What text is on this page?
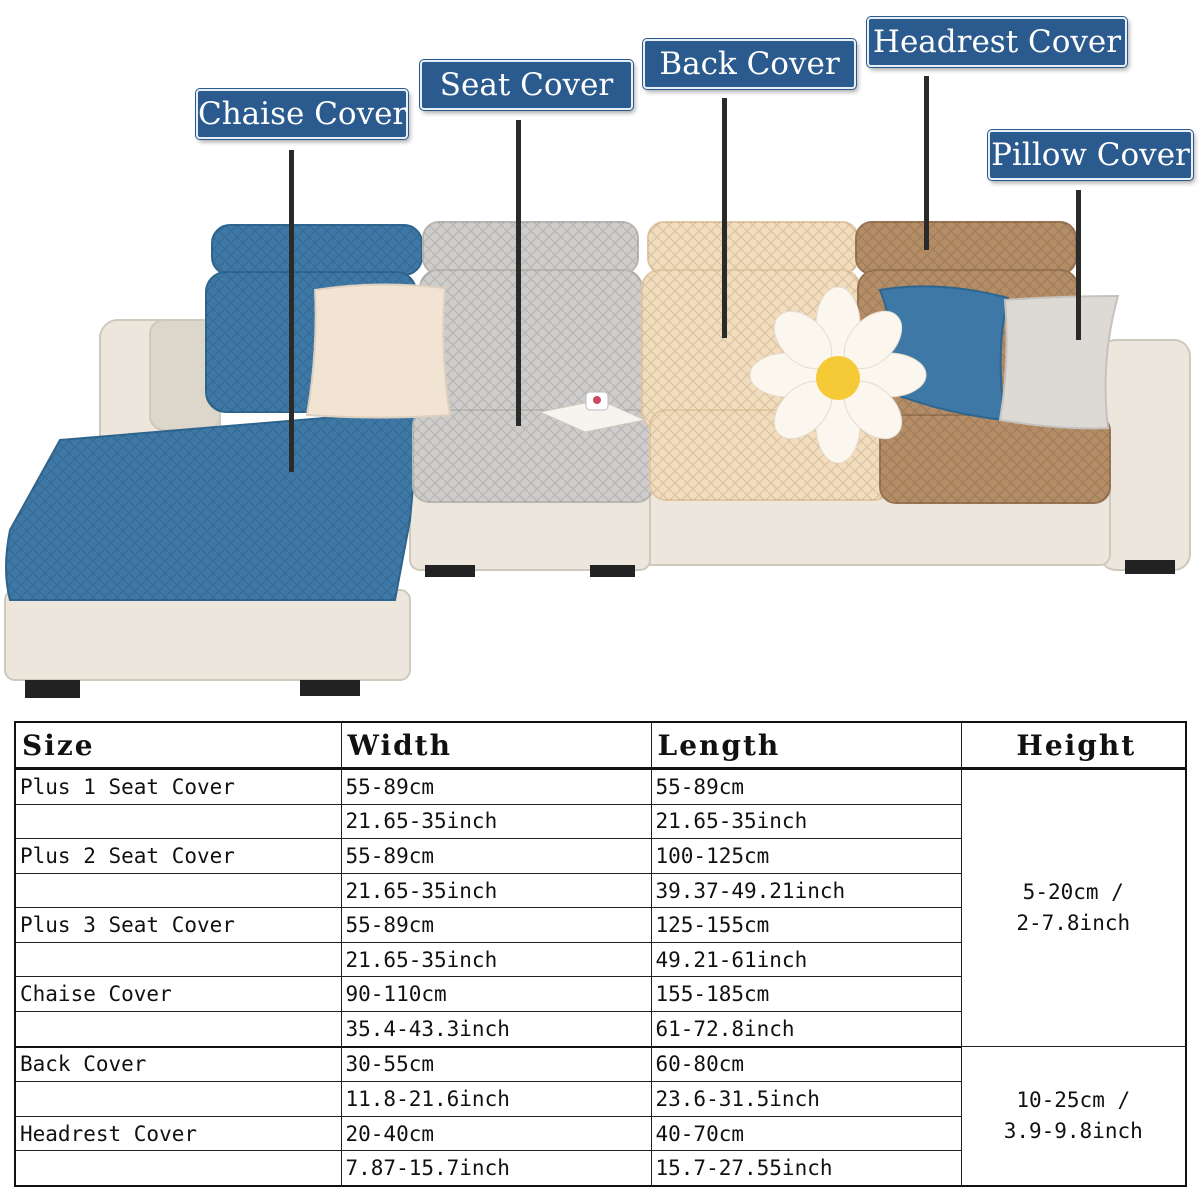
Chaise Cover
Seat Cover
Back Cover
Headrest Cover
Pillow Cover
Size	Width	Length	Height
Plus 1 Seat Cover	55-89cm	55-89cm	5-20cm /
2-7.8inch

	21.65-35inch	21.65-35inch	
Plus 2 Seat Cover	55-89cm	100-125cm	
	21.65-35inch	39.37-49.21inch	
Plus 3 Seat Cover	55-89cm	125-155cm	
	21.65-35inch	49.21-61inch	
Chaise Cover	90-110cm	155-185cm	
	35.4-43.3inch	61-72.8inch	
Back Cover	30-55cm	60-80cm	10-25cm /
3.9-9.8inch

	11.8-21.6inch	23.6-31.5inch	
Headrest Cover	20-40cm	40-70cm	
	7.87-15.7inch	15.7-27.55inch	
